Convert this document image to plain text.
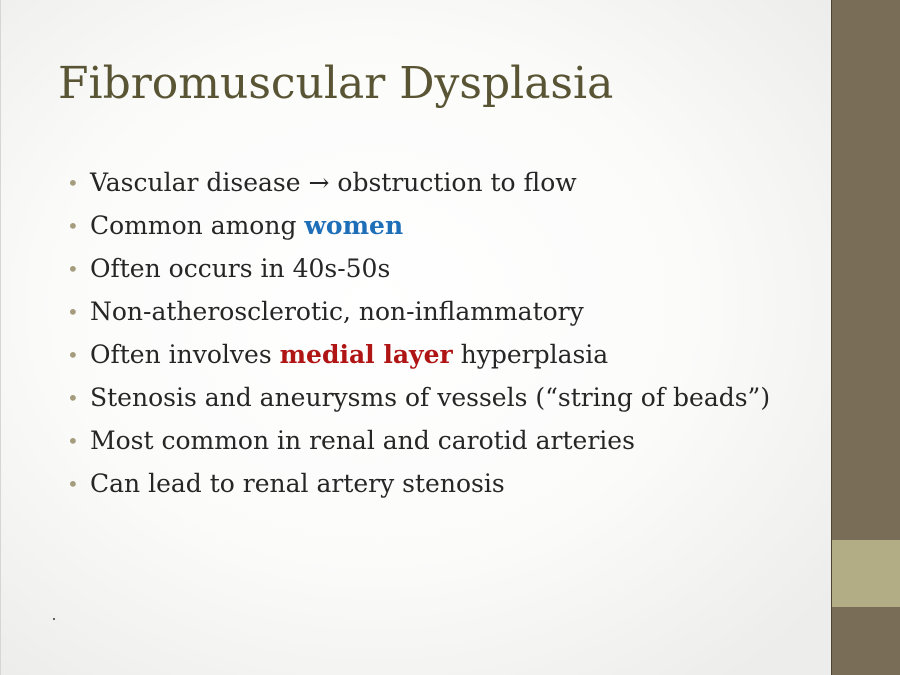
Fibromuscular Dysplasia
• Vascular disease → obstruction to flow
• Common among women
• Often occurs in 40s-50s
• Non-atherosclerotic, non-inflammatory
• Often involves medial layer hyperplasia
• Stenosis and aneurysms of vessels (“string of beads”)
• Most common in renal and carotid arteries
• Can lead to renal artery stenosis
